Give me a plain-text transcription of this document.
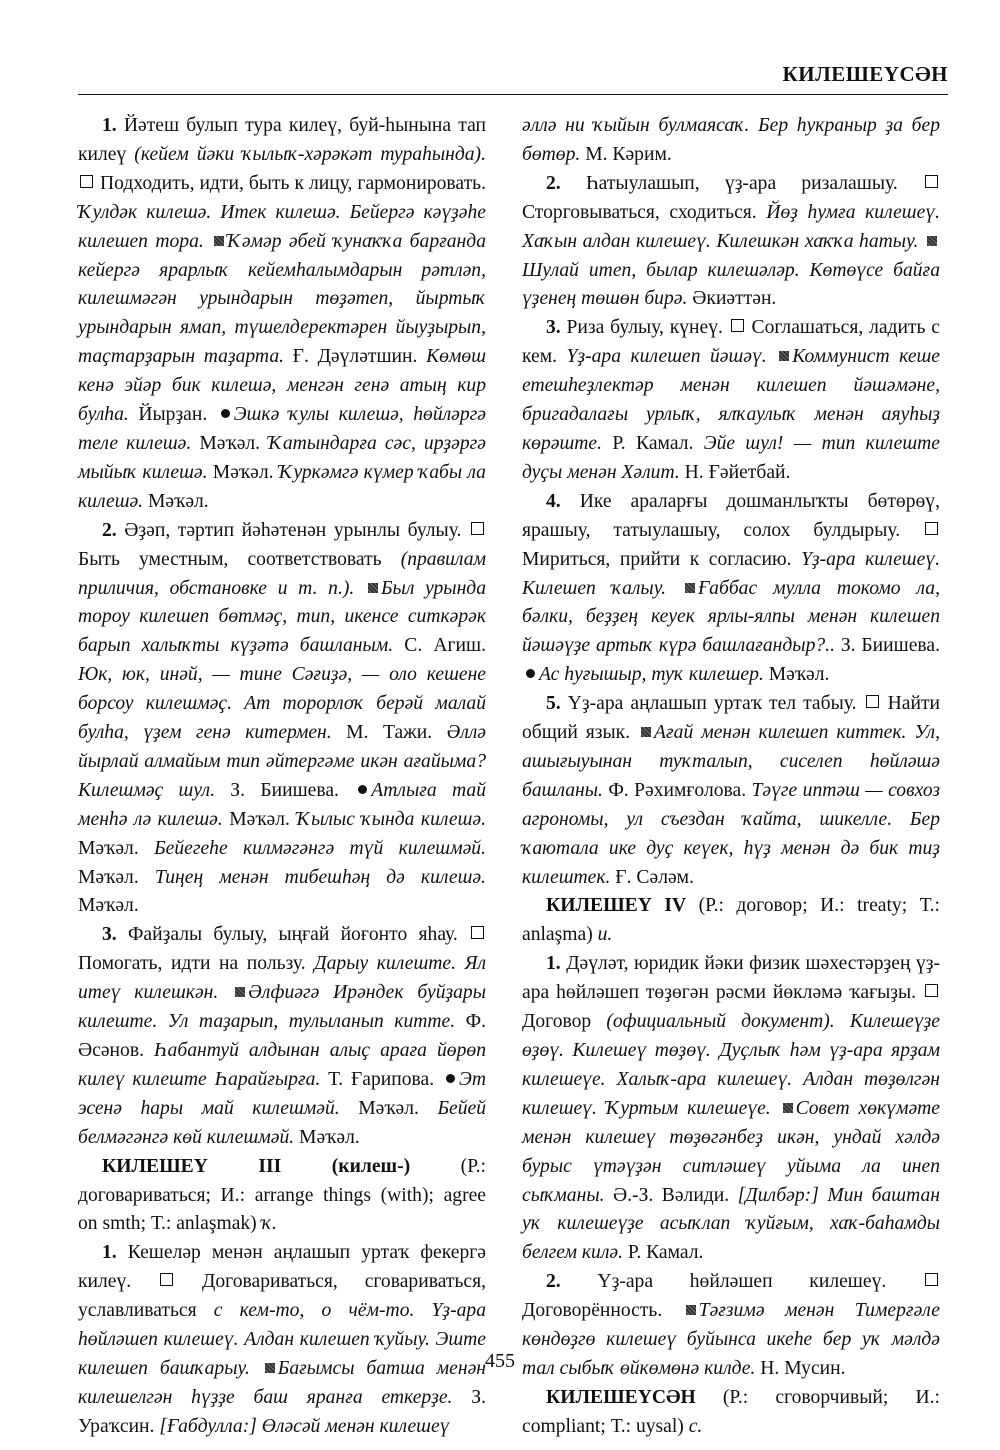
КИЛЕШЕҮСӘН

1. Йәтеш булып тура килеү, буй-һынына тап килеү (кейем йәки ҡылыҡ-хәрәкәт тураһында).  Подходить, идти, быть к лицу, гармонировать. Ҡулдәк килешә. Итек килешә. Бейергә кәүҙәһе килешеп тора. Ҡәмәр әбей ҡунаҡҡа барғанда кейергә ярарлыҡ кейемһалымдарын рәтләп, килешмәгән урындарын төҙәтеп, йыртыҡ урындарын ямап, түшелдеректәрен йыуҙырып, таҫтарҙарын таҙарта. Ғ. Дәүләтшин. Көмөш кенә эйәр бик килешә, менгән генә атың кир булһа. Йырҙан. Эшкә ҡулы килешә, һөйләргә теле килешә. Мәҡәл. Ҡатындарға сәс, ирҙәргә мыйыҡ килешә. Мәҡәл. Ҡуркәмгә күмер ҡабы ла килешә. Мәҡәл.

2. Әҙәп, тәртип йәһәтенән урынлы булыу.  Быть уместным, соответствовать (правилам приличия, обстановке и т. п.). Был урында тороу килешеп бөтмәҫ, тип, икенсе ситкәрәк барып халыҡты күҙәтә башланым. С. Агиш. Юк, юк, инәй, — тине Сәғиҙә, — оло кешене борсоу килешмәҫ. Ат торорлоҡ берәй малай булһа, үҙем генә китермен. М. Тажи. Әллә йырлай алмайым тип әйтергәме икән ағайыма? Килешмәҫ шул. З. Биишева. Атлыға тай менһә лә килешә. Мәҡәл. Ҡылыс ҡында килешә. Мәҡәл. Бейегеһе килмәгәнгә түй килешмәй. Мәҡәл. Тиңең менән тибешһәң дә килешә. Мәҡәл.

3. Файҙалы булыу, ыңғай йоғонто яһау.  Помогать, идти на пользу. Дарыу килеште. Ял итеү килешкән. Әлфиәгә Ирәндек буйҙары килеште. Ул таҙарып, тулыланып китте. Ф. Әсәнов. Һабантуй алдынан алыҫ араға йөрөп килеү килеште Һарайғырға. Т. Ғарипова. Эт эсенә һары май килешмәй. Мәҡәл. Бейей белмәгәнгә көй килешмәй. Мәҡәл.

КИЛЕШЕҮ III (килеш-) (Р.: договариваться; И.: arrange things (with); agree on smth; Т.: anlaşmak) ҡ.

1. Кешеләр менән аңлашып уртаҡ фекергә килеү.  Договариваться, сговариваться, уславливаться с кем-то, о чём-то. Үҙ-ара һөйләшеп килешеү. Алдан килешеп ҡуйыу. Эште килешеп башҡарыу. Бағымсы батша менән килешелгән һүҙҙе баш яранға еткерҙе. З. Ураҡсин. [Ғабдулла:] Өләсәй менән килешеү

әллә ни ҡыйын булмаясаҡ. Бер һукраныр ҙа бер бөтөр. М. Кәрим.

2. Һатыулашып, үҙ-ара ризалашыу.  Сторговываться, сходиться. Йөҙ һумға килешеү. Хаҡын алдан килешеү. Килешкән хаҡҡа һатыу. Шулай итеп, былар килешәләр. Көтөүсе байға үҙенең төшөн бирә. Әкиәттән.

3. Риза булыу, күнеү.  Соглашаться, ладить с кем. Үҙ-ара килешеп йәшәү. Коммунист кеше етешһеҙлектәр менән килешеп йәшәмәне, бригадалағы урлыҡ, ялҡаулыҡ менән аяуһыҙ көрәште. Р. Камал. Эйе шул! — тип килеште дуҫы менән Хәлит. Н. Ғәйетбай.

4. Ике араларғы дошманлыҡты бөтөрөү, ярашыу, татыулашыу, солох булдырыу.  Мириться, прийти к согласию. Үҙ-ара килешеү. Килешеп ҡалыу. Ғаббас мулла токомо ла, бәлки, беҙҙең кеуек ярлы-ялпы менән килешеп йәшәүҙе артыҡ күрә башлағандыр?.. З. Биишева. Ас һуғышыр, туҡ килешер. Мәҡәл.

5. Үҙ-ара аңлашып уртаҡ тел табыу.  Найти общий язык. Ағай менән килешеп киттек. Ул, ашығыуынан туҡталып, сиселеп һөйләшә башланы. Ф. Рәхимғолова. Тәүге иптәш — совхоз агрономы, ул съездан ҡайта, шикелле. Бер ҡаютала ике дуҫ кеүек, һүҙ менән дә бик тиҙ килештек. Ғ. Сәләм.

КИЛЕШЕҮ IV (Р.: договор; И.: treaty; Т.: anlaşma) и.

1. Дәүләт, юридик йәки физик шәхестәрҙең үҙ-ара һөйләшеп төҙөгән рәсми йөкләмә ҡағыҙы.  Договор (официальный документ). Килешеүҙе өҙөү. Килешеү төҙөү. Дуҫлыҡ һәм үҙ-ара ярҙам килешеүе. Халыҡ-ара килешеү. Алдан төҙөлгән килешеү. Ҡуртым килешеүе. Совет хөкүмәте менән килешеү төҙөгәнбеҙ икән, ундай хәлдә бурыс үтәүҙән ситләшеү уйыма ла инеп сыҡманы. Ә.-З. Вәлиди. [Дилбәр:] Мин баштан уҡ килешеүҙе асыҡлап ҡуйғым, хаҡ-баһамды белгем килә. Р. Камал.

2. Үҙ-ара һөйләшеп килешеү.  Договорённость. Тәғзимә менән Тимерғәле көндөҙгө килешеү буйынса икеһе бер уҡ мәлдә тал сыбыҡ өйкөмөнә килде. Н. Мусин.

КИЛЕШЕҮСӘН (Р.: сговорчивый; И.: compliant; Т.: uysal) с.

455
